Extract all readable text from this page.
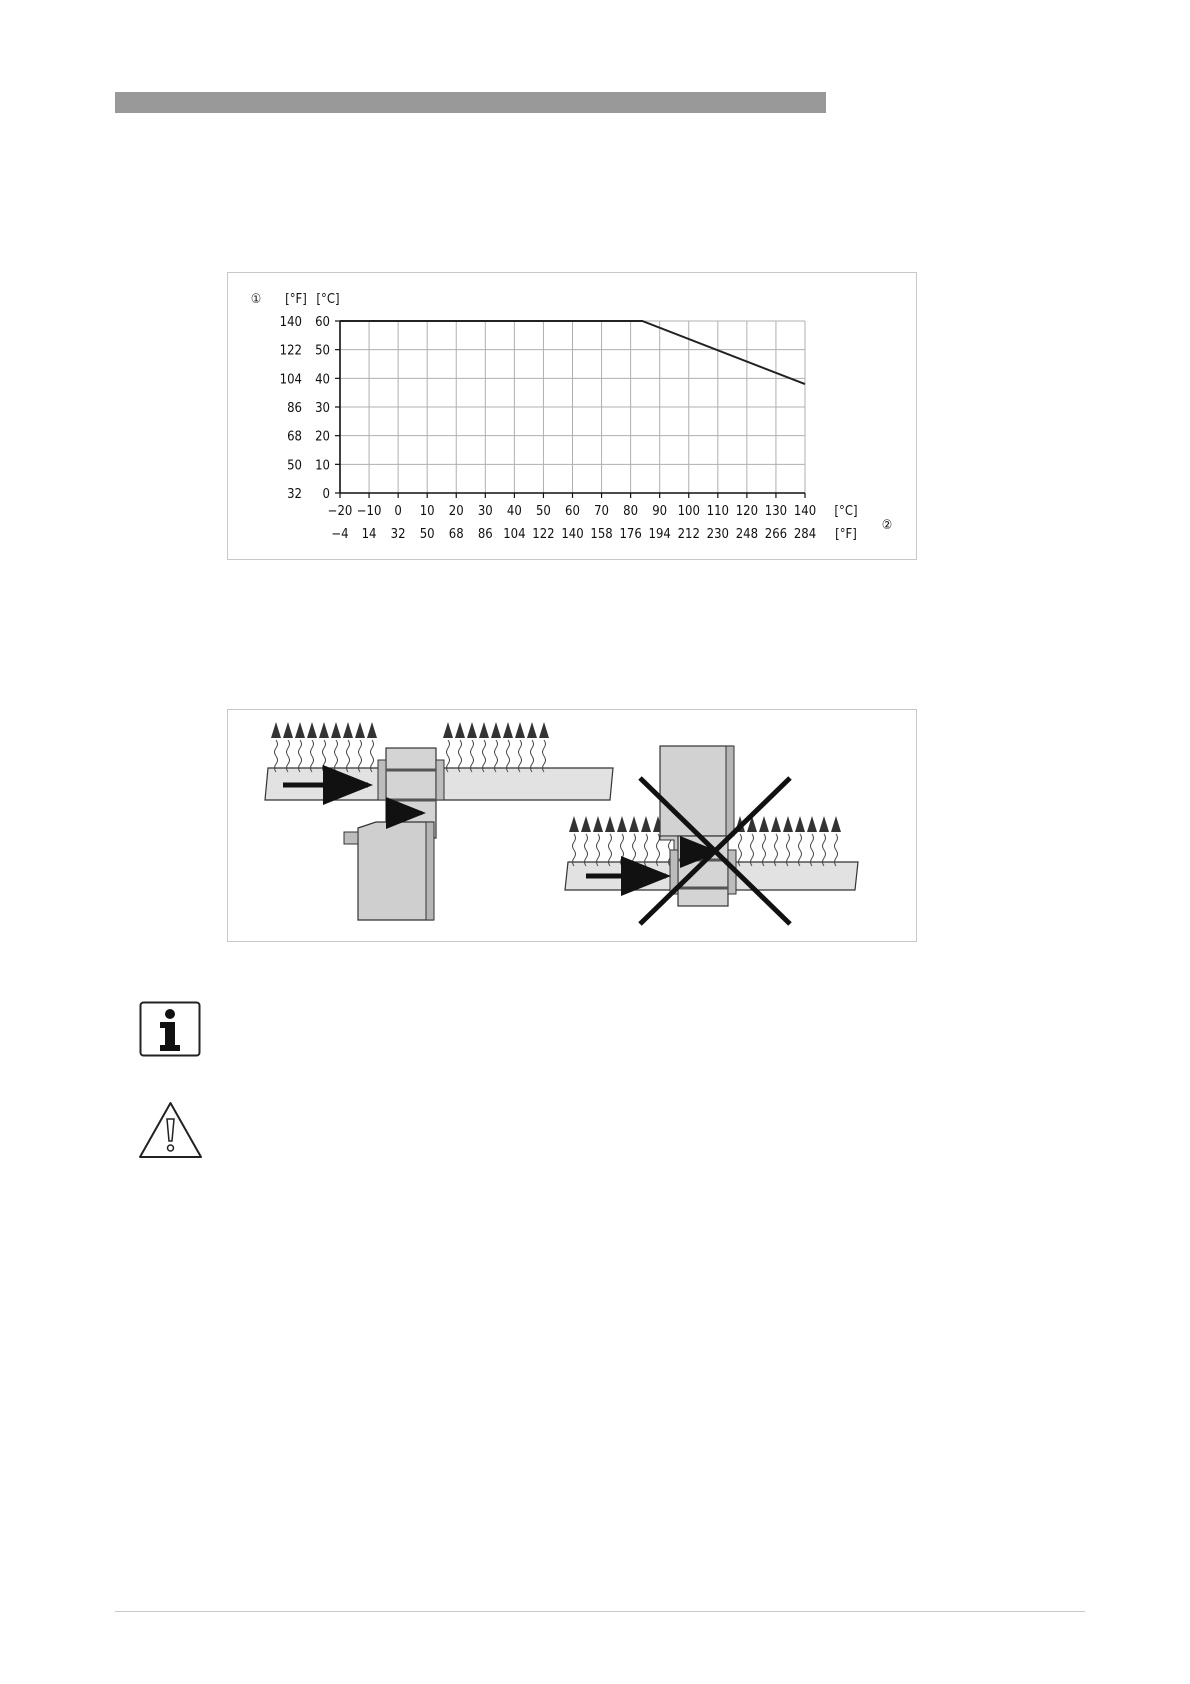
−20
−4
−10
14
0
32
10
50
20
68
30
86
40
104
50
122
60
140
70
158
80
176
90
194
100
212
110
230
120
248
130
266
140
284
0
32
10
50
20
68
30
86
40
104
50
122
60
140
[°F] [°C]
[°C]
[°F]
①
②
